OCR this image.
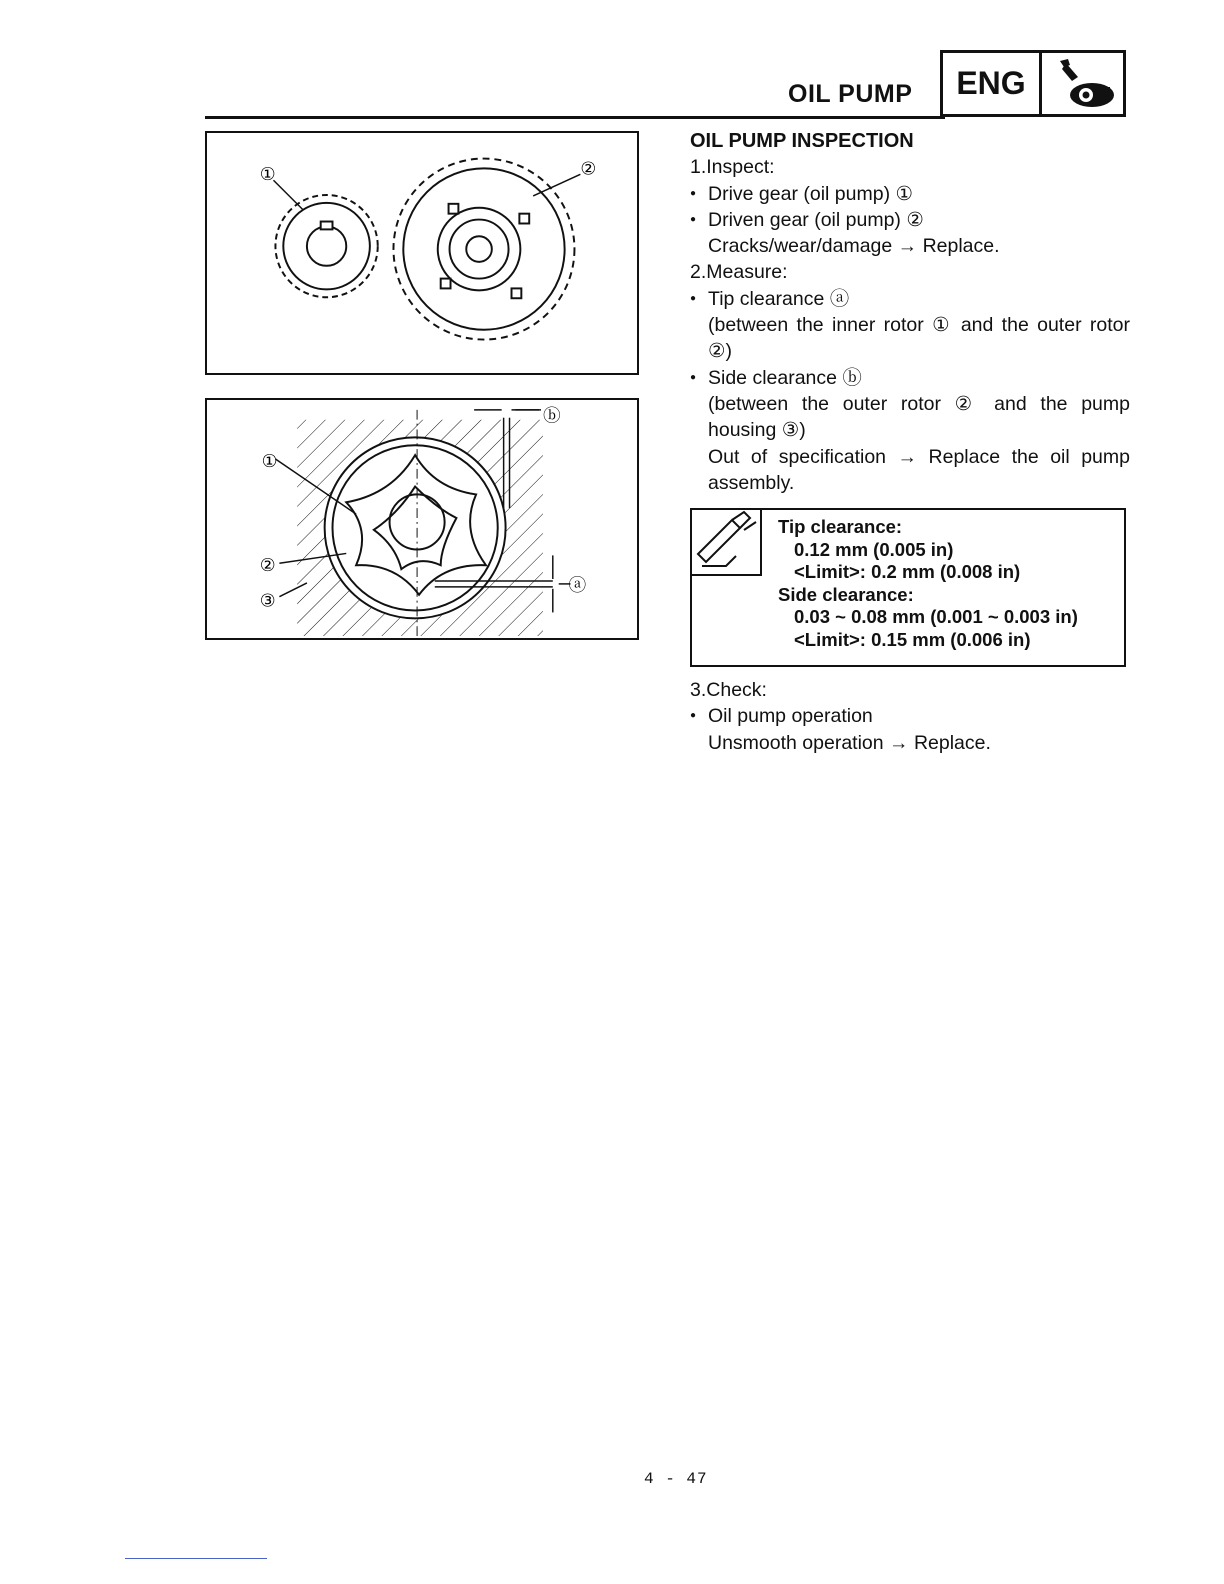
OIL PUMP	ENG
①	②
①
②
③
ⓐ
ⓑ
OIL PUMP INSPECTION
1.Inspect:
● Drive gear (oil pump) ①
● Driven gear (oil pump) ②
Cracks/wear/damage → Replace.
2.Measure:
● Tip clearance ⓐ
(between the inner rotor ① and the outer rotor ②)
● Side clearance ⓑ
(between the outer rotor ② and the pump housing ③)
Out of specification → Replace the oil pump assembly.
Tip clearance:
0.12 mm (0.005 in)
<Limit>: 0.2 mm (0.008 in)
Side clearance:
0.03 ~ 0.08 mm (0.001 ~ 0.003 in)
<Limit>: 0.15 mm (0.006 in)
3.Check:
● Oil pump operation
Unsmooth operation → Replace.
4 - 47
